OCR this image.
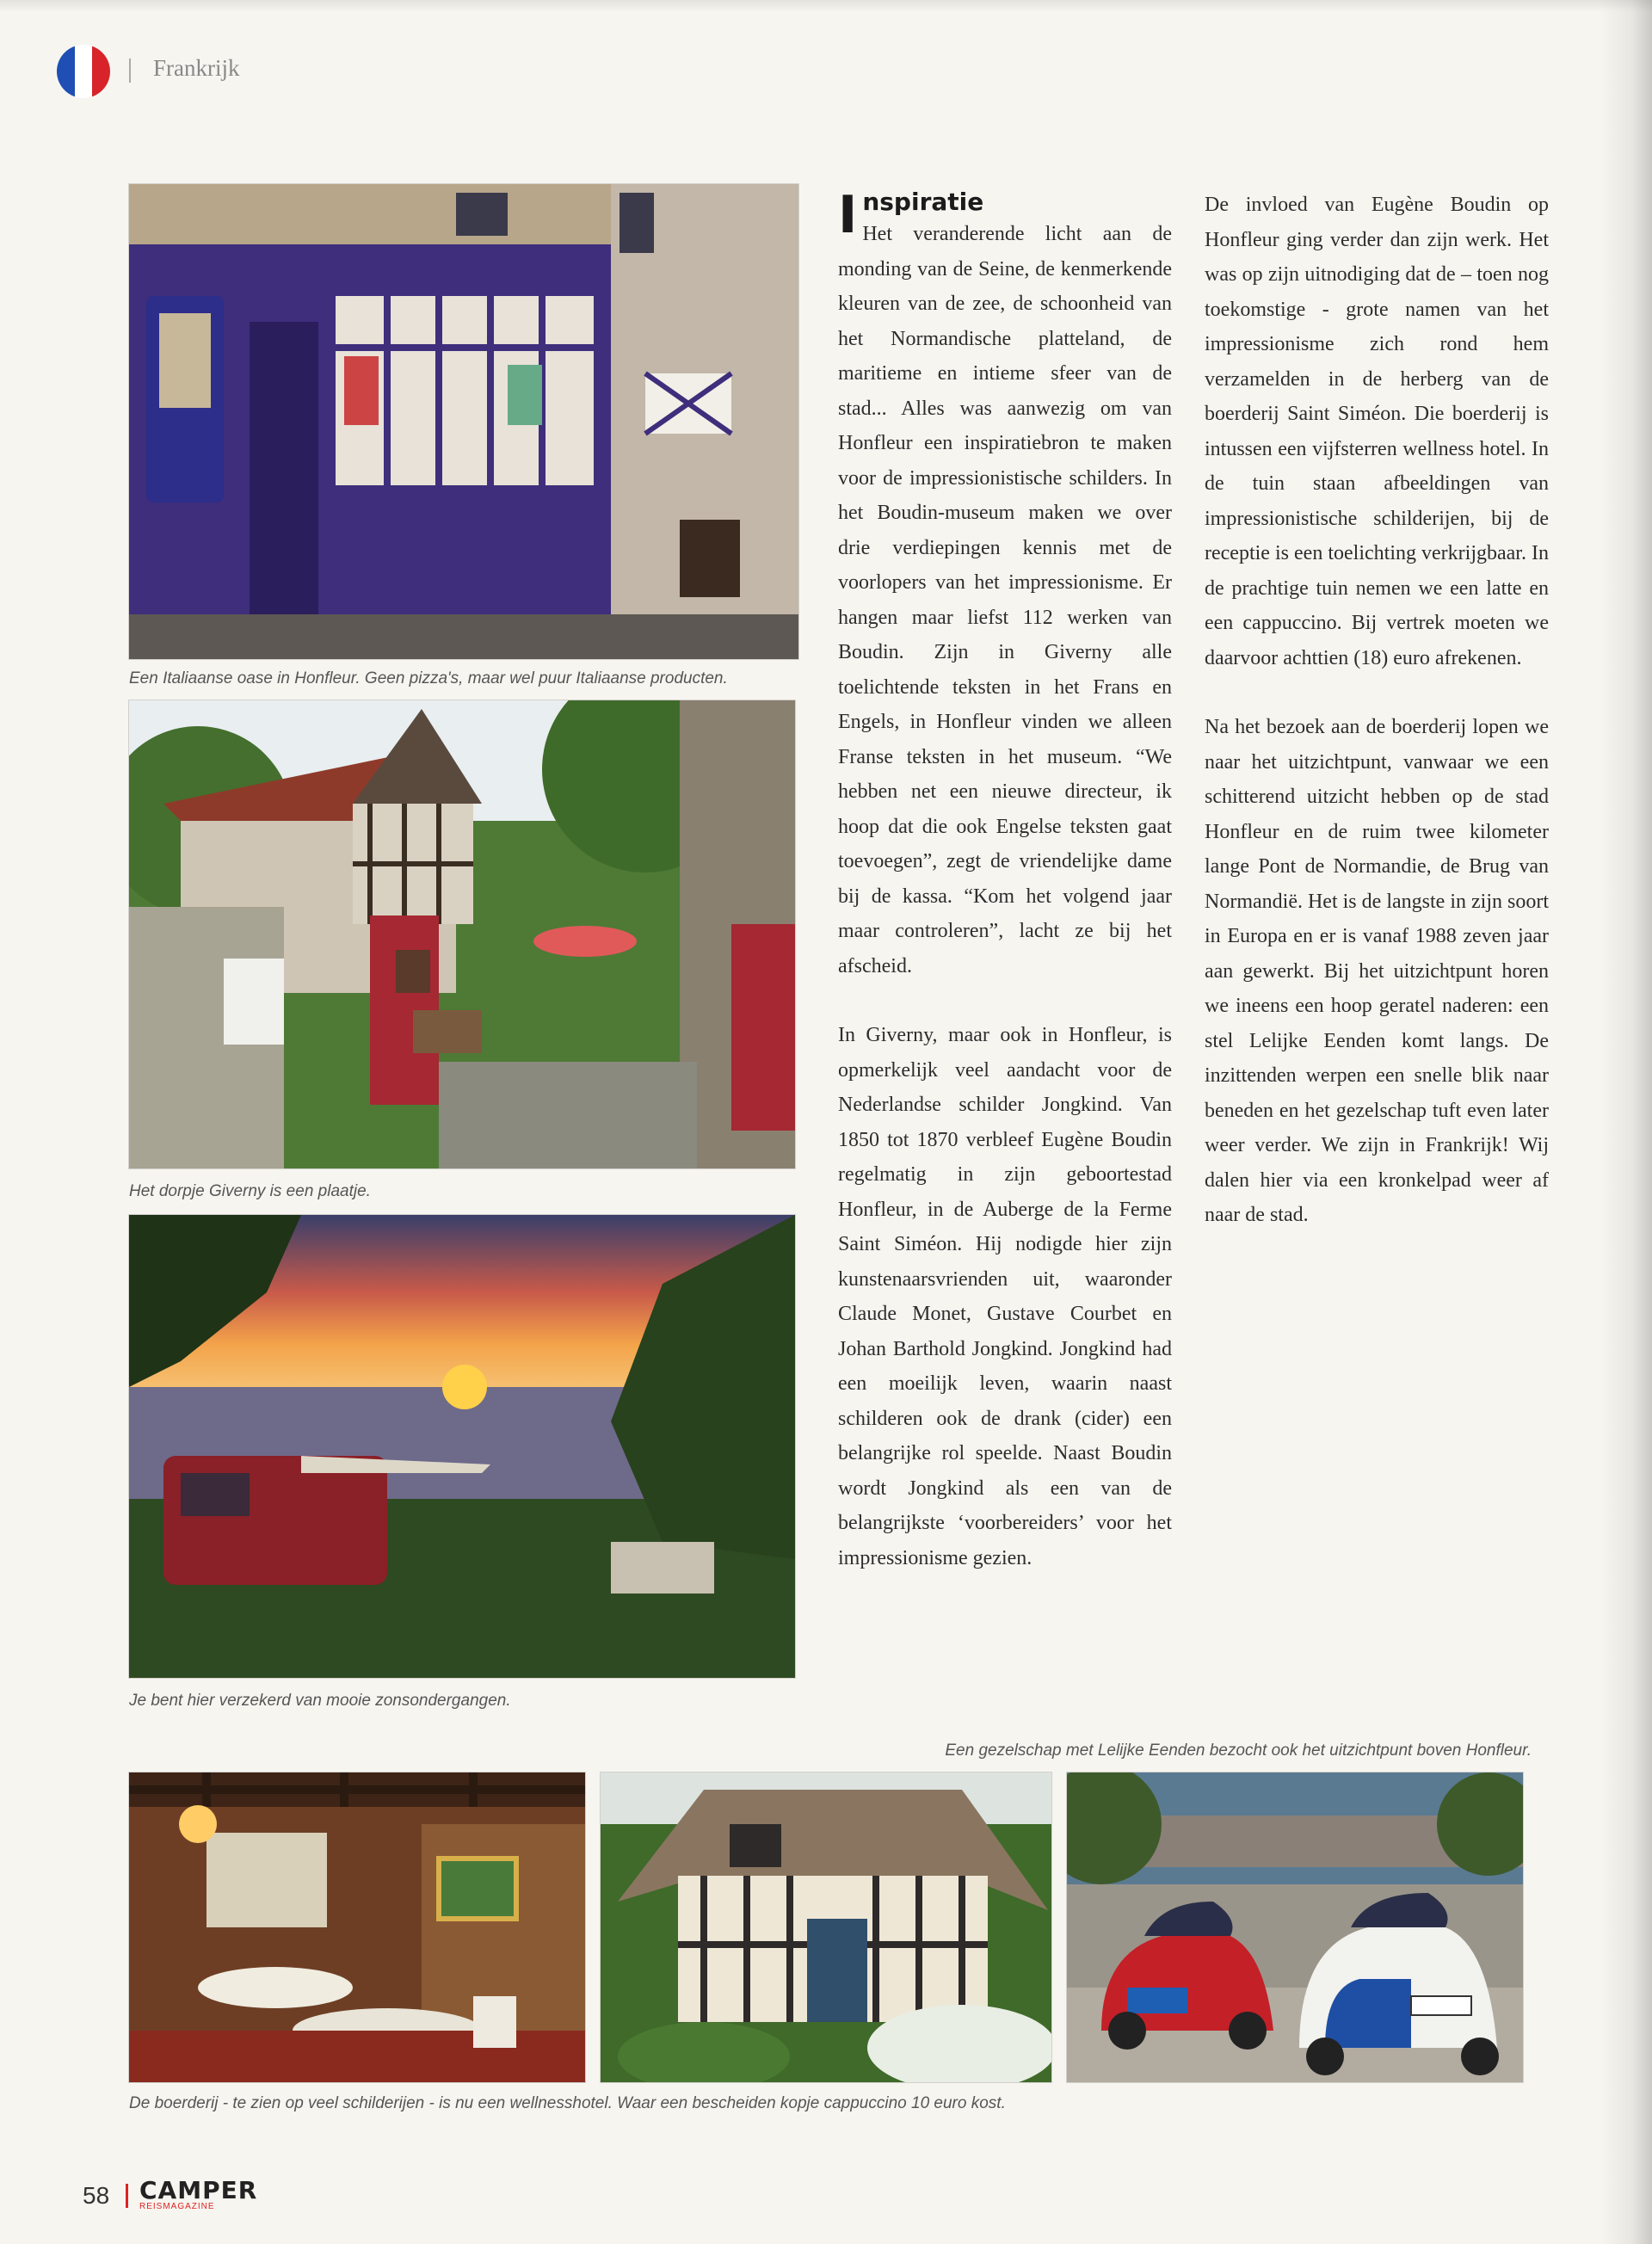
Frankrijk
Een Italiaanse oase in Honfleur. Geen pizza's, maar wel puur Italiaanse producten.
Het dorpje Giverny is een plaatje.
Je bent hier verzekerd van mooie zonsondergangen.
Inspiratie

Het veranderende licht aan de monding van de Seine, de kenmerkende kleuren van de zee, de schoonheid van het Normandische platteland, de maritieme en intieme sfeer van de stad... Alles was aanwezig om van Honfleur een inspiratiebron te maken voor de impressionistische schilders. In het Boudin-museum maken we over drie verdiepingen kennis met de voorlopers van het impressionisme. Er hangen maar liefst 112 werken van Boudin. Zijn in Giverny alle toelichtende teksten in het Frans en Engels, in Honfleur vinden we alleen Franse teksten in het museum. “We hebben net een nieuwe directeur, ik hoop dat die ook Engelse teksten gaat toevoegen”, zegt de vriendelijke dame bij de kassa. “Kom het volgend jaar maar controleren”, lacht ze bij het afscheid.

In Giverny, maar ook in Honfleur, is opmerkelijk veel aandacht voor de Nederlandse schilder Jongkind. Van 1850 tot 1870 verbleef Eugène Boudin regelmatig in zijn geboortestad Honfleur, in de Auberge de la Ferme Saint Siméon. Hij nodigde hier zijn kunstenaarsvrienden uit, waaronder Claude Monet, Gustave Courbet en Johan Barthold Jongkind. Jongkind had een moeilijk leven, waarin naast schilderen ook de drank (cider) een belangrijke rol speelde. Naast Boudin wordt Jongkind als een van de belangrijkste ‘voorbereiders’ voor het impressionisme gezien.

De invloed van Eugène Boudin op Honfleur ging verder dan zijn werk. Het was op zijn uitnodiging dat de – toen nog toekomstige - grote namen van het impressionisme zich rond hem verzamelden in de herberg van de boerderij Saint Siméon. Die boerderij is intussen een vijfsterren wellness hotel. In de tuin staan afbeeldingen van impressionistische schilderijen, bij de receptie is een toelichting verkrijgbaar. In de prachtige tuin nemen we een latte en een cappuccino. Bij vertrek moeten we daarvoor achttien (18) euro afrekenen.

Na het bezoek aan de boerderij lopen we naar het uitzichtpunt, vanwaar we een schitterend uitzicht hebben op de stad Honfleur en de ruim twee kilometer lange Pont de Normandie, de Brug van Normandië. Het is de langste in zijn soort in Europa en er is vanaf 1988 zeven jaar aan gewerkt. Bij het uitzichtpunt horen we ineens een hoop geratel naderen: een stel Lelijke Eenden komt langs. De inzittenden werpen een snelle blik naar beneden en het gezelschap tuft even later weer verder. We zijn in Frankrijk! Wij dalen hier via een kronkelpad weer af naar de stad.

Een gezelschap met Lelijke Eenden bezocht ook het uitzichtpunt boven Honfleur.
De boerderij - te zien op veel schilderijen - is nu een wellnesshotel. Waar een bescheiden kopje cappuccino 10 euro kost.
58 CAMPER
REISMAGAZINE
